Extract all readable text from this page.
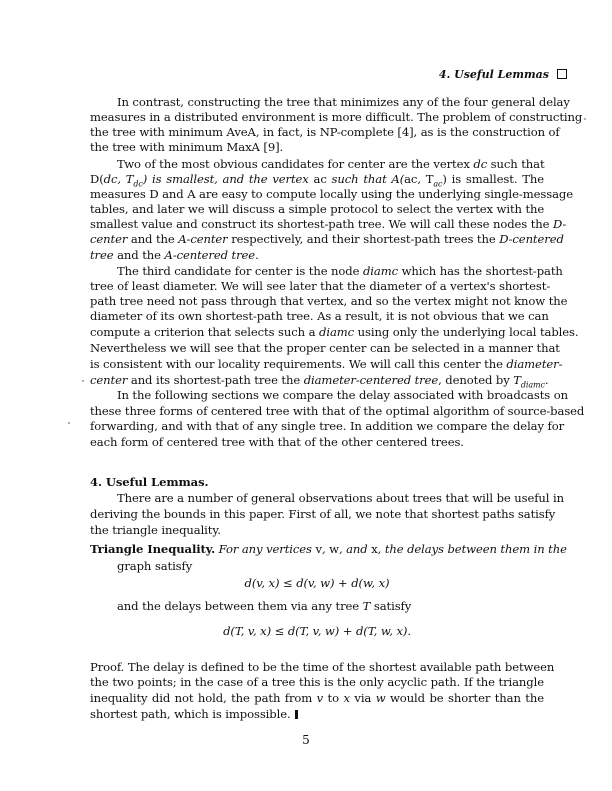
4. Useful Lemmas
In contrast, constructing the tree that minimizes any of the four general delay
measures in a distributed environment is more difficult. The problem of constructing
the tree with minimum AveA, in fact, is NP-complete [4], as is the construction of
the tree with minimum MaxA [9].
Two of the most obvious candidates for center are the vertex dc such that
D(dc, $T_{dc}$) is smallest, and the vertex ac such that A(ac, $T_{ac}$) is smallest. The
measures D and A are easy to compute locally using the underlying single-message
tables, and later we will discuss a simple protocol to select the vertex with the
smallest value and construct its shortest-path tree. We will call these nodes the D-
center and the A-center respectively, and their shortest-path trees the D-centered
tree and the A-centered tree.
The third candidate for center is the node diamc which has the shortest-path
tree of least diameter. We will see later that the diameter of a vertex's shortest-
path tree need not pass through that vertex, and so the vertex might not know the
diameter of its own shortest-path tree. As a result, it is not obvious that we can
compute a criterion that selects such a diamc using only the underlying local tables.
Nevertheless we will see that the proper center can be selected in a manner that
is consistent with our locality requirements. We will call this center the diameter-
center and its shortest-path tree the diameter-centered tree, denoted by $T_{diamc}$.
In the following sections we compare the delay associated with broadcasts on
these three forms of centered tree with that of the optimal algorithm of source-based
forwarding, and with that of any single tree. In addition we compare the delay for
each form of centered tree with that of the other centered trees.
4. Useful Lemmas.
There are a number of general observations about trees that will be useful in
deriving the bounds in this paper. First of all, we note that shortest paths satisfy
the triangle inequality.
Triangle Inequality. For any vertices v, w, and x, the delays between them in the
graph satisfy
d(v, x) ≤ d(v, w) + d(w, x)
and the delays between them via any tree T satisfy
d(T, v, x) ≤ d(T, v, w) + d(T, w, x).
Proof. The delay is defined to be the time of the shortest available path between
the two points; in the case of a tree this is the only acyclic path. If the triangle
inequality did not hold, the path from v to x via w would be shorter than the
shortest path, which is impossible.
5
